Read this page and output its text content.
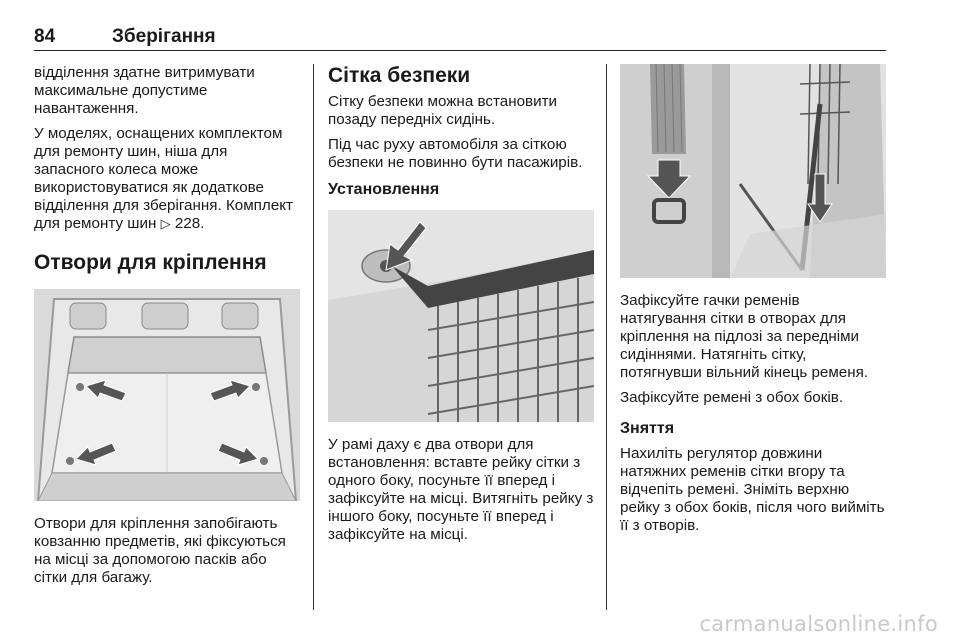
84	Зберігання

відділення здатне витримувати максимальне допустиме навантаження.

У моделях, оснащених комплектом для ремонту шин, ніша для запасного колеса може використовуватися як додаткове відділення для зберігання. Комплект для ремонту шин ▷ 228.

Отвори для кріплення

Отвори для кріплення запобігають ковзанню предметів, які фіксуються на місці за допомогою пасків або сітки для багажу.

Сітка безпеки

Сітку безпеки можна встановити позаду передніх сидінь.

Під час руху автомобіля за сіткою безпеки не повинно бути пасажирів.

Установлення

У рамі даху є два отвори для встановлення: вставте рейку сітки з одного боку, посуньте її вперед і зафіксуйте на місці. Витягніть рейку з іншого боку, посуньте її вперед і зафіксуйте на місці.

Зафіксуйте гачки ременів натягування сітки в отворах для кріплення на підлозі за передніми сидіннями. Натягніть сітку, потягнувши вільний кінець ременя.

Зафіксуйте ремені з обох боків.

Зняття

Нахиліть регулятор довжини натяжних ременів сітки вгору та відчепіть ремені. Зніміть верхню рейку з обох боків, після чого вийміть її з отворів.

carmanualsonline.info
